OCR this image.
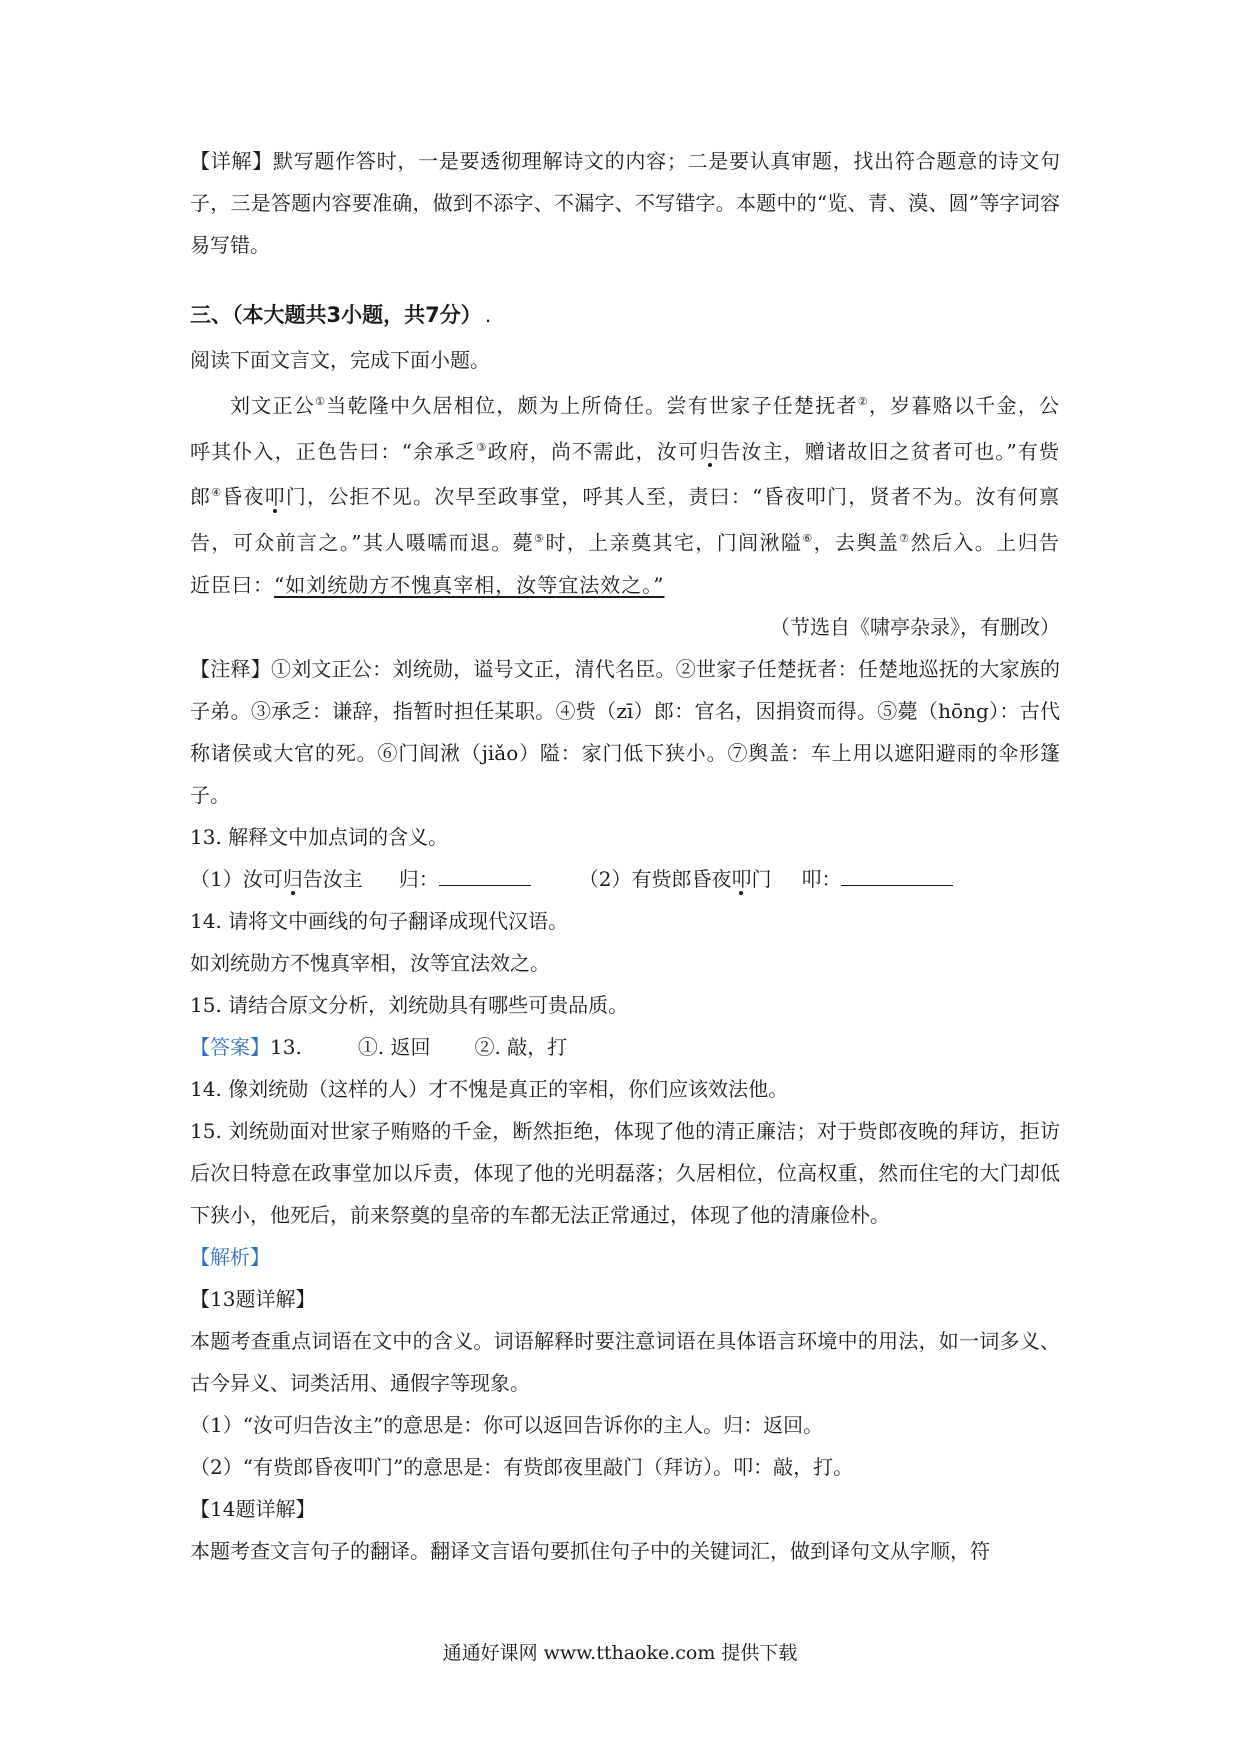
【详解】默写题作答时，一是要透彻理解诗文的内容；二是要认真审题，找出符合题意的诗文句子，三是答题内容要准确，做到不添字、不漏字、不写错字。本题中的“览、青、漠、圆”等字词容易写错。
三、（本大题共3小题，共7分） .
阅读下面文言文，完成下面小题。
刘文正公①当乾隆中久居相位，颇为上所倚任。尝有世家子任楚抚者②，岁暮赂以千金，公呼其仆入，正色告曰：“余承乏③政府，尚不需此，汝可归告汝主，赠诸故旧之贫者可也。”有赀郎④昏夜叩门，公拒不见。次早至政事堂，呼其人至，责曰：“昏夜叩门，贤者不为。汝有何禀告，可众前言之。”其人嗫嚅而退。薨⑤时，上亲奠其宅，门闾湫隘⑥，去舆盖⑦然后入。上归告近臣曰：“如刘统勋方不愧真宰相，汝等宜法效之。”
（节选自《啸亭杂录》，有删改）
【注释】①刘文正公：刘统勋，谥号文正，清代名臣。②世家子任楚抚者：任楚地巡抚的大家族的子弟。③承乏：谦辞，指暂时担任某职。④赀（zī）郎：官名，因捐资而得。⑤薨（hōng）：古代称诸侯或大官的死。⑥门闾湫（jiǎo）隘：家门低下狭小。⑦舆盖：车上用以遮阳避雨的伞形篷子。
13. 解释文中加点词的含义。
（1）汝可归告汝主 归：	（2）有赀郎昏夜叩门 叩：
14. 请将文中画线的句子翻译成现代汉语。
如刘统勋方不愧真宰相，汝等宜法效之。
15. 请结合原文分析，刘统勋具有哪些可贵品质。
【答案】13.	①. 返回 ②. 敲，打
14. 像刘统勋（这样的人）才不愧是真正的宰相，你们应该效法他。
15. 刘统勋面对世家子贿赂的千金，断然拒绝，体现了他的清正廉洁；对于赀郎夜晚的拜访，拒访后次日特意在政事堂加以斥责，体现了他的光明磊落；久居相位，位高权重，然而住宅的大门却低下狭小，他死后，前来祭奠的皇帝的车都无法正常通过，体现了他的清廉俭朴。
【解析】
【13题详解】
本题考查重点词语在文中的含义。词语解释时要注意词语在具体语言环境中的用法，如一词多义、古今异义、词类活用、通假字等现象。
（1）“汝可归告汝主”的意思是：你可以返回告诉你的主人。归：返回。
（2）“有赀郎昏夜叩门”的意思是：有赀郎夜里敲门（拜访）。叩：敲，打。
【14题详解】
本题考查文言句子的翻译。翻译文言语句要抓住句子中的关键词汇，做到译句文从字顺，符
通通好课网 www.tthaoke.com 提供下载
